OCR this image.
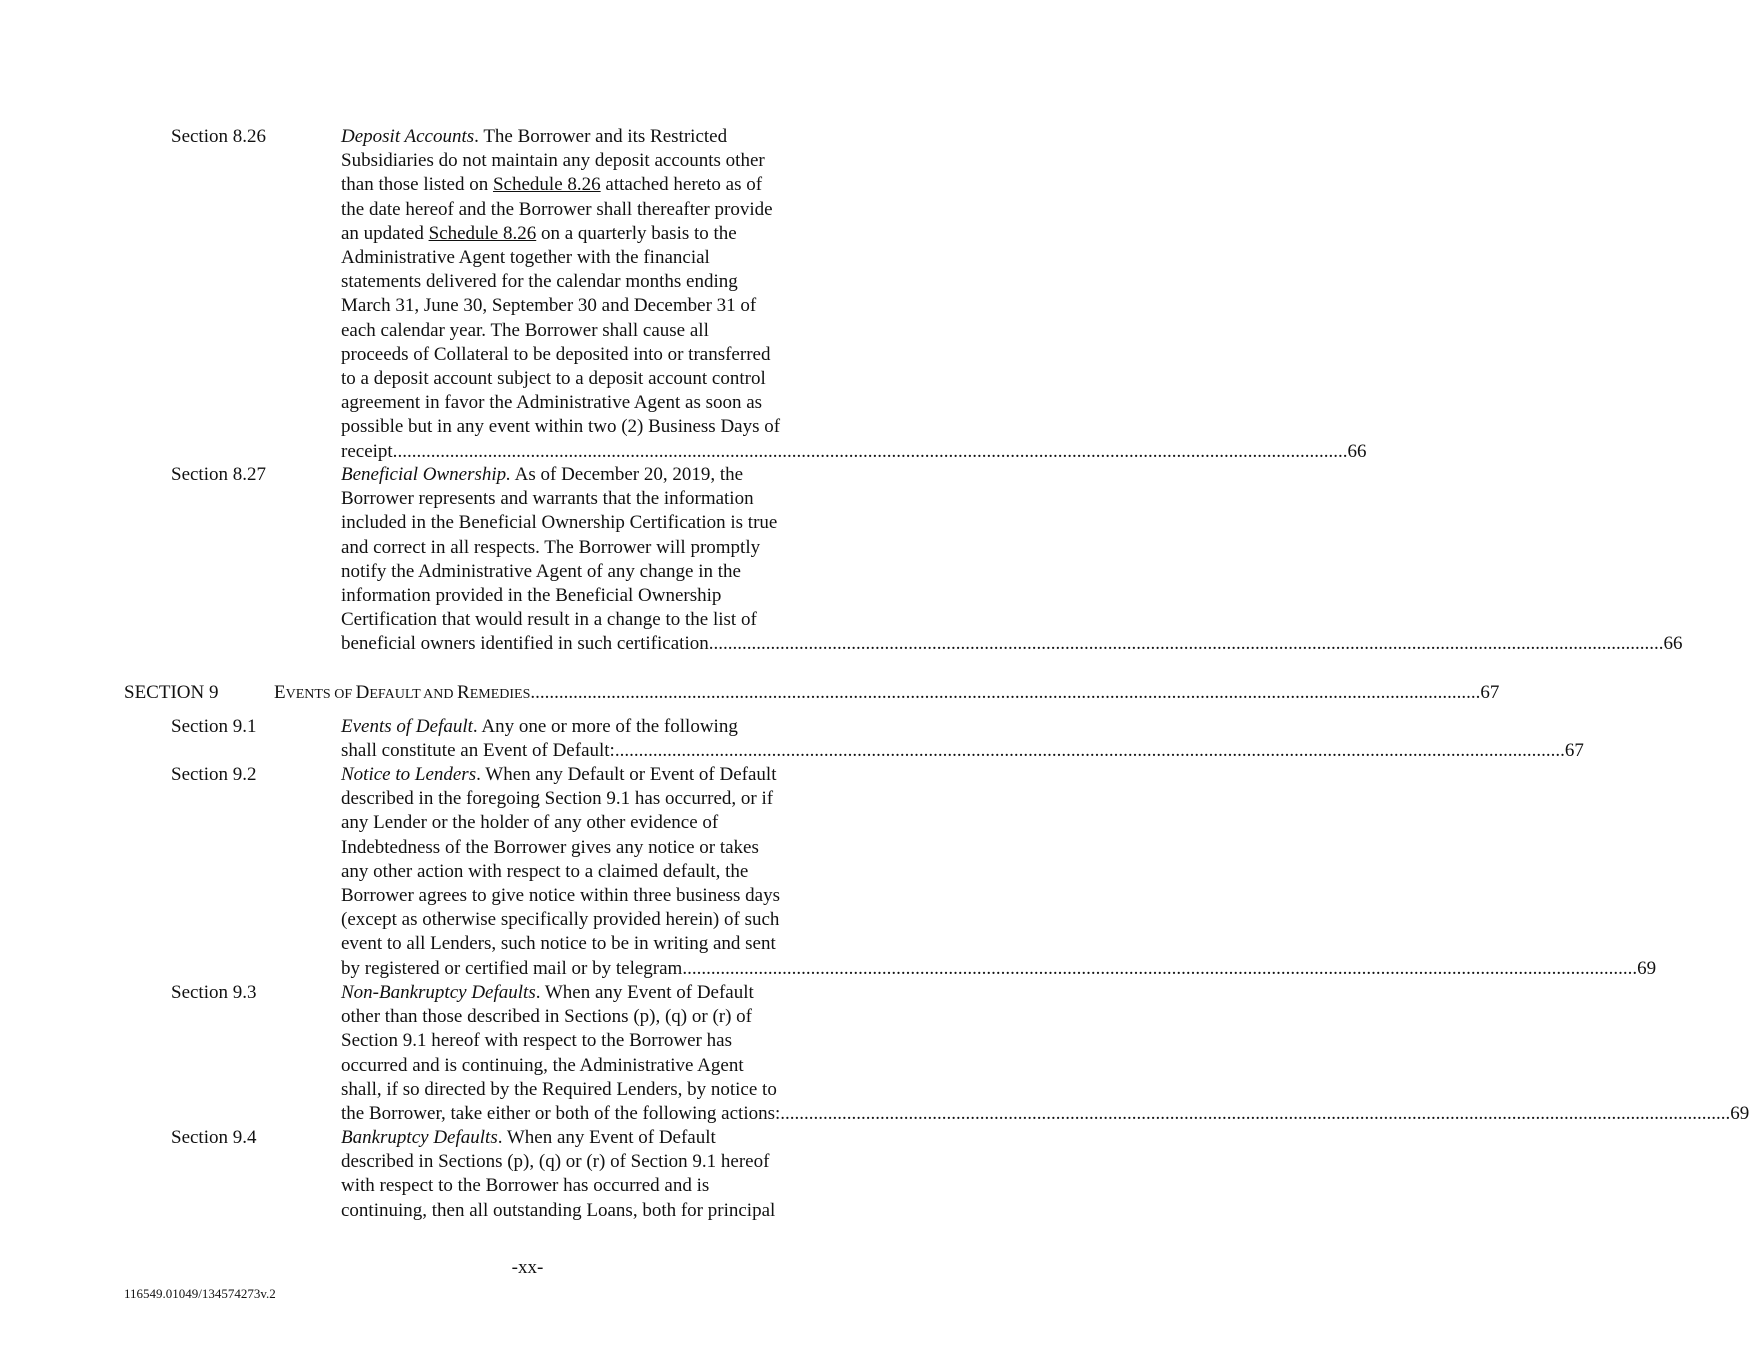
Section 8.26	Deposit Accounts. The Borrower and its Restricted
Subsidiaries do not maintain any deposit accounts other
than those listed on Schedule 8.26 attached hereto as of
the date hereof and the Borrower shall thereafter provide
an updated Schedule 8.26 on a quarterly basis to the
Administrative Agent together with the financial
statements delivered for the calendar months ending
March 31, June 30, September 30 and December 31 of
each calendar year. The Borrower shall cause all
proceeds of Collateral to be deposited into or transferred
to a deposit account subject to a deposit account control
agreement in favor the Administrative Agent as soon as
possible but in any event within two (2) Business Days of
receipt. ........................................................................................................................................................................................................ 66
Section 8.27	Beneficial Ownership. As of December 20, 2019, the
Borrower represents and warrants that the information
included in the Beneficial Ownership Certification is true
and correct in all respects. The Borrower will promptly
notify the Administrative Agent of any change in the
information provided in the Beneficial Ownership
Certification that would result in a change to the list of
beneficial owners identified in such certification. ........................................................................................................................................................................................................ 66
SECTION 9	EVENTS OF DEFAULT AND REMEDIES ........................................................................................................................................................................................................ 67
Section 9.1	Events of Default. Any one or more of the following
shall constitute an Event of Default: ........................................................................................................................................................................................................ 67
Section 9.2	Notice to Lenders. When any Default or Event of Default
described in the foregoing Section 9.1 has occurred, or if
any Lender or the holder of any other evidence of
Indebtedness of the Borrower gives any notice or takes
any other action with respect to a claimed default, the
Borrower agrees to give notice within three business days
(except as otherwise specifically provided herein) of such
event to all Lenders, such notice to be in writing and sent
by registered or certified mail or by telegram. ........................................................................................................................................................................................................ 69
Section 9.3	Non-Bankruptcy Defaults. When any Event of Default
other than those described in Sections (p), (q) or (r) of
Section 9.1 hereof with respect to the Borrower has
occurred and is continuing, the Administrative Agent
shall, if so directed by the Required Lenders, by notice to
the Borrower, take either or both of the following actions: ........................................................................................................................................................................................................ 69
Section 9.4	Bankruptcy Defaults. When any Event of Default
described in Sections (p), (q) or (r) of Section 9.1 hereof
with respect to the Borrower has occurred and is
continuing, then all outstanding Loans, both for principal
-xx-
116549.01049/134574273v.2
